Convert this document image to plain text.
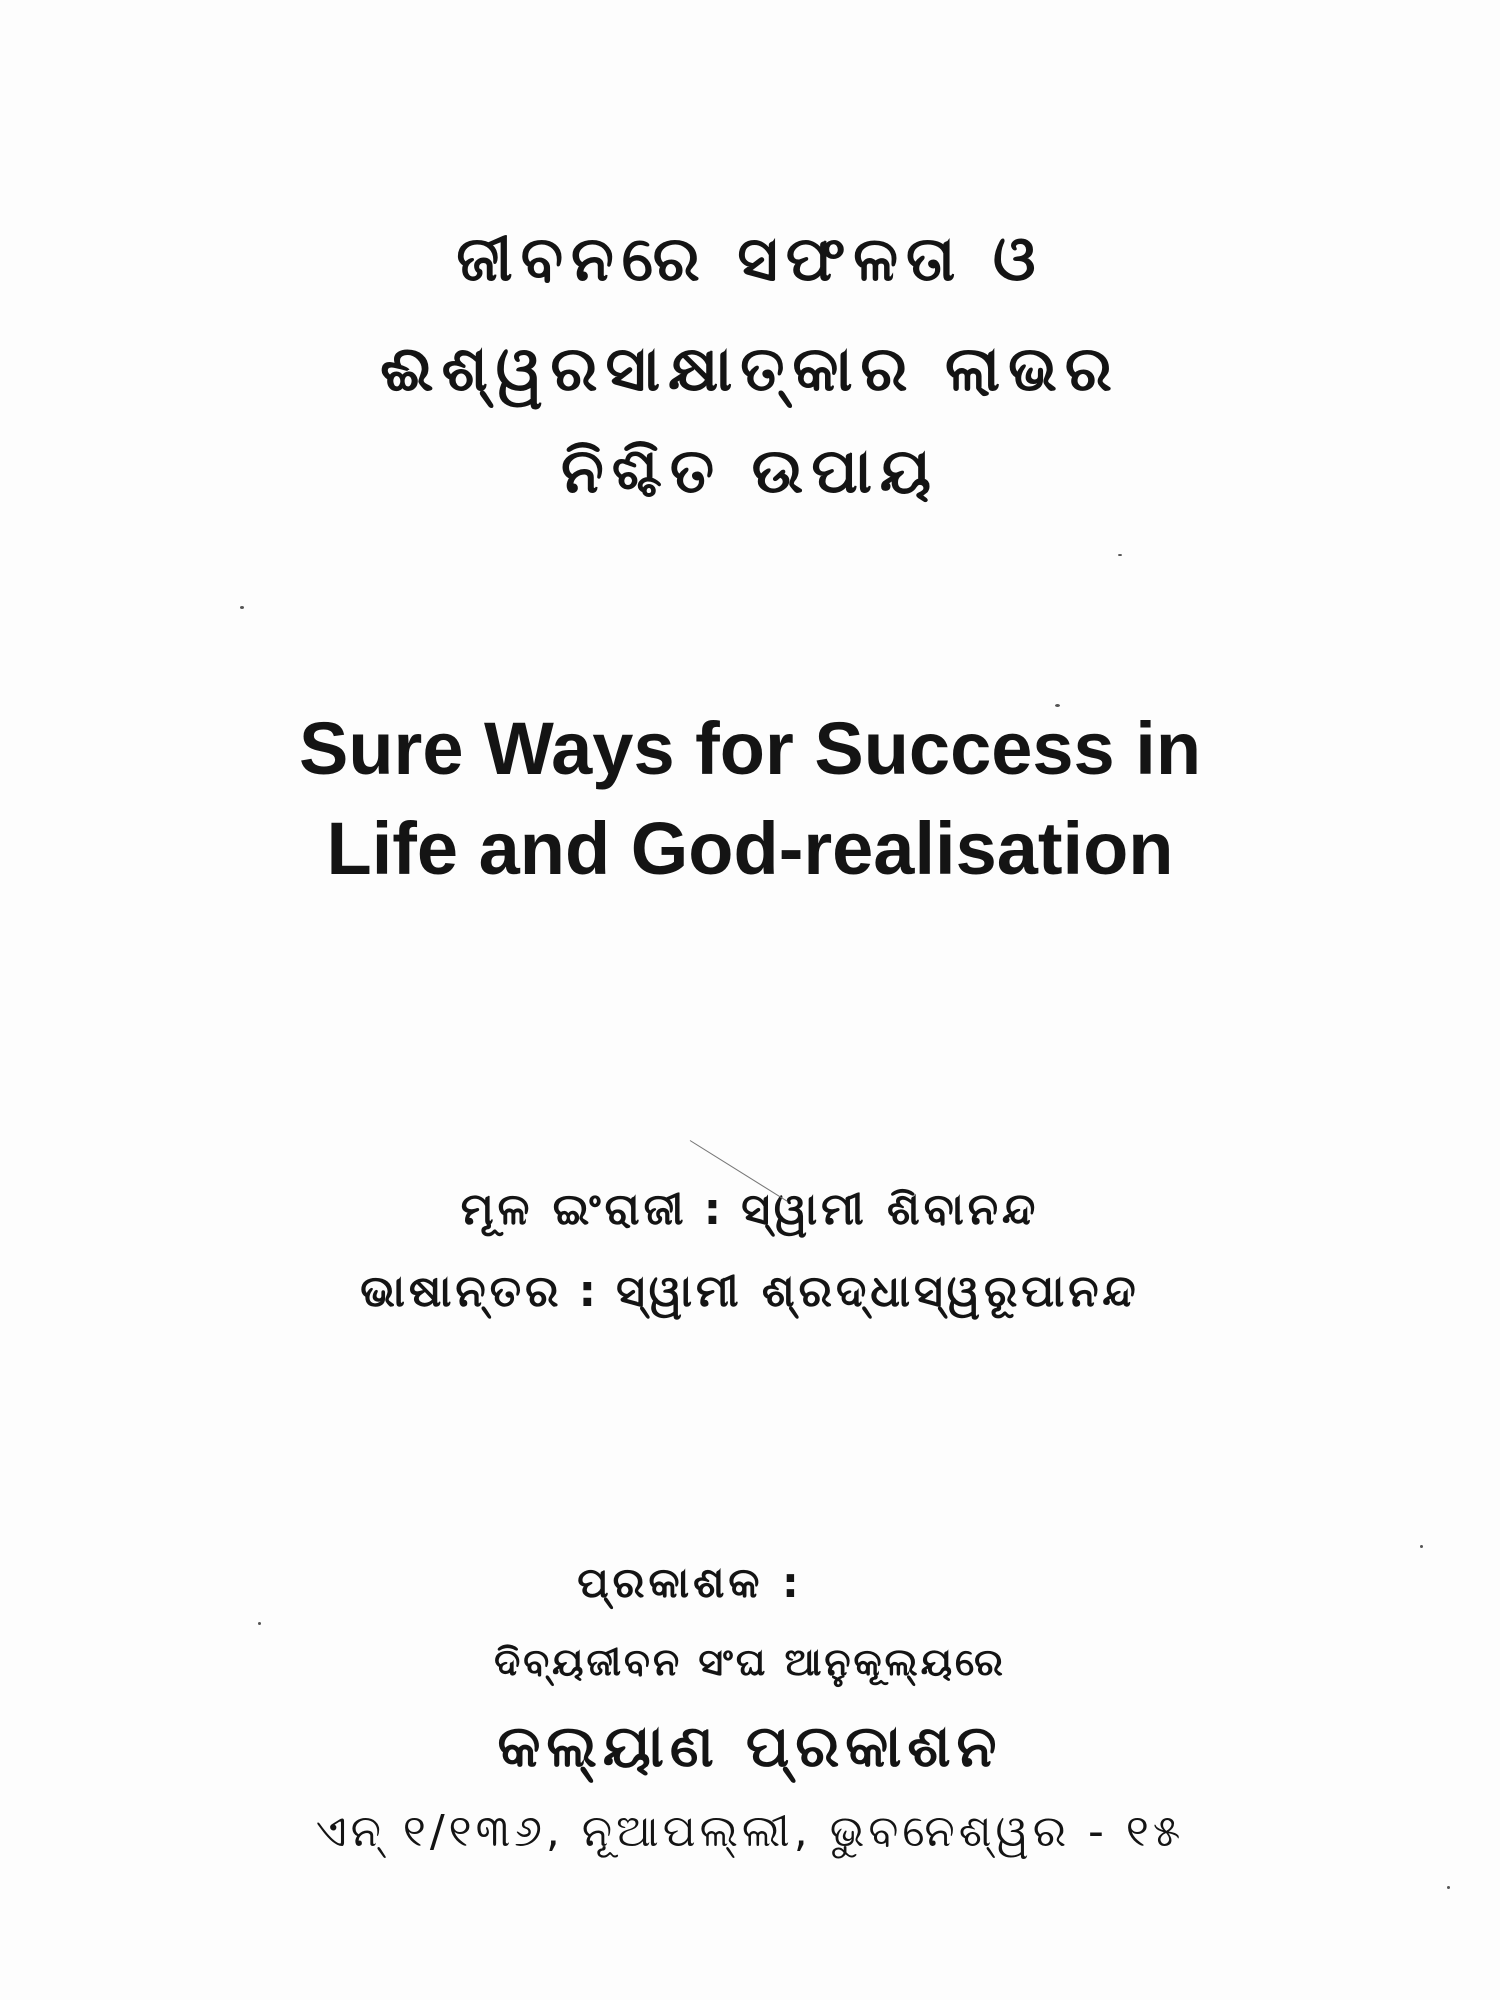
ଜୀବନରେ ସଫଳତା ଓ
ଈଶ୍ୱରସାକ୍ଷାତ୍କାର ଲାଭର
ନିଶ୍ଚିତ ଉପାୟ
Sure Ways for Success in
Life and God-realisation
ମୂଳ ଇଂରାଜୀ : ସ୍ୱାମୀ ଶିବାନନ୍ଦ
ଭାଷାନ୍ତର : ସ୍ୱାମୀ ଶ୍ରଦ୍ଧାସ୍ୱରୂପାନନ୍ଦ
ପ୍ରକାଶକ :
ଦିବ୍ୟଜୀବନ ସଂଘ ଆନୁକୂଲ୍ୟରେ
କଲ୍ୟାଣ ପ୍ରକାଶନ
ଏନ୍ ୧/୧୩୬, ନୂଆପଲ୍ଲୀ, ଭୁବନେଶ୍ୱର - ୧୫
